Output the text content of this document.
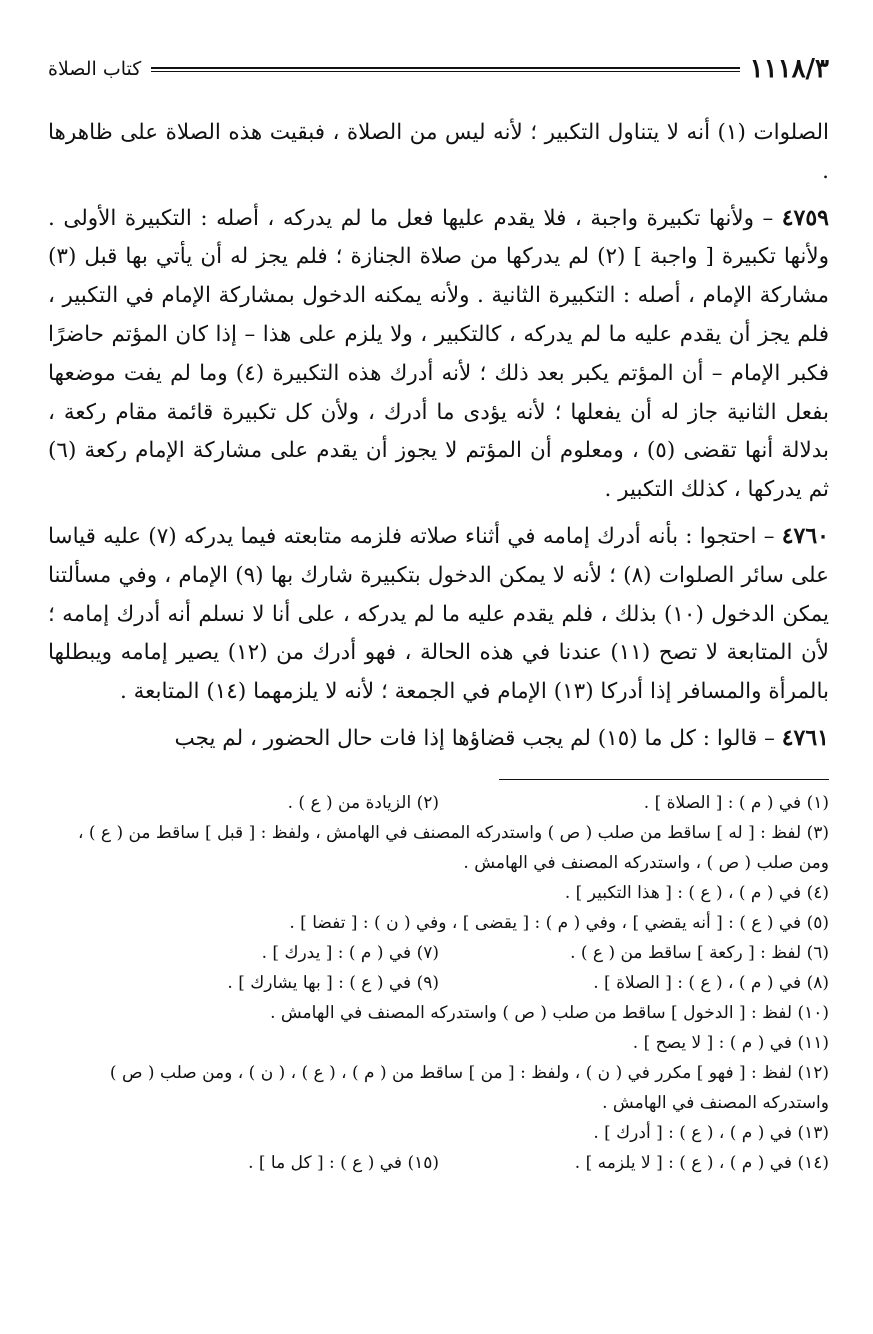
١١١٨/٣
كتاب الصلاة

الصلوات (١) أنه لا يتناول التكبير ؛ لأنه ليس من الصلاة ، فبقيت هذه الصلاة على ظاهرها .

٤٧٥٩ – ولأنها تكبيرة واجبة ، فلا يقدم عليها فعل ما لم يدركه ، أصله : التكبيرة الأولى . ولأنها تكبيرة [ واجبة ] (٢) لم يدركها من صلاة الجنازة ؛ فلم يجز له أن يأتي بها قبل (٣) مشاركة الإمام ، أصله : التكبيرة الثانية . ولأنه يمكنه الدخول بمشاركة الإمام في التكبير ، فلم يجز أن يقدم عليه ما لم يدركه ، كالتكبير ، ولا يلزم على هذا – إذا كان المؤتم حاضرًا فكبر الإمام – أن المؤتم يكبر بعد ذلك ؛ لأنه أدرك هذه التكبيرة (٤) وما لم يفت موضعها بفعل الثانية جاز له أن يفعلها ؛ لأنه يؤدى ما أدرك ، ولأن كل تكبيرة قائمة مقام ركعة ، بدلالة أنها تقضى (٥) ، ومعلوم أن المؤتم لا يجوز أن يقدم على مشاركة الإمام ركعة (٦) ثم يدركها ، كذلك التكبير .

٤٧٦٠ – احتجوا : بأنه أدرك إمامه في أثناء صلاته فلزمه متابعته فيما يدركه (٧) عليه قياسا على سائر الصلوات (٨) ؛ لأنه لا يمكن الدخول بتكبيرة شارك بها (٩) الإمام ، وفي مسألتنا يمكن الدخول (١٠) بذلك ، فلم يقدم عليه ما لم يدركه ، على أنا لا نسلم أنه أدرك إمامه ؛ لأن المتابعة لا تصح (١١) عندنا في هذه الحالة ، فهو أدرك من (١٢) يصير إمامه ويبطلها بالمرأة والمسافر إذا أدركا (١٣) الإمام في الجمعة ؛ لأنه لا يلزمهما (١٤) المتابعة .

٤٧٦١ – قالوا : كل ما (١٥) لم يجب قضاؤها إذا فات حال الحضور ، لم يجب

(١) في ( م ) : [ الصلاة ] .

(٢) الزيادة من ( ع ) .

(٣) لفظ : [ له ] ساقط من صلب ( ص ) واستدركه المصنف في الهامش ، ولفظ : [ قبل ] ساقط من ( ع ) ، ومن صلب ( ص ) ، واستدركه المصنف في الهامش .

(٤) في ( م ) ، ( ع ) : [ هذا التكبير ] .

(٥) في ( ع ) : [ أنه يقضي ] ، وفي ( م ) : [ يقضى ] ، وفي ( ن ) : [ تفضا ] .

(٦) لفظ : [ ركعة ] ساقط من ( ع ) .

(٧) في ( م ) : [ يدرك ] .

(٨) في ( م ) ، ( ع ) : [ الصلاة ] .

(٩) في ( ع ) : [ بها يشارك ] .

(١٠) لفظ : [ الدخول ] ساقط من صلب ( ص ) واستدركه المصنف في الهامش .

(١١) في ( م ) : [ لا يصح ] .

(١٢) لفظ : [ فهو ] مكرر في ( ن ) ، ولفظ : [ من ] ساقط من ( م ) ، ( ع ) ، ( ن ) ، ومن صلب ( ص ) واستدركه المصنف في الهامش .

(١٣) في ( م ) ، ( ع ) : [ أدرك ] .

(١٤) في ( م ) ، ( ع ) : [ لا يلزمه ] .

(١٥) في ( ع ) : [ كل ما ] .
